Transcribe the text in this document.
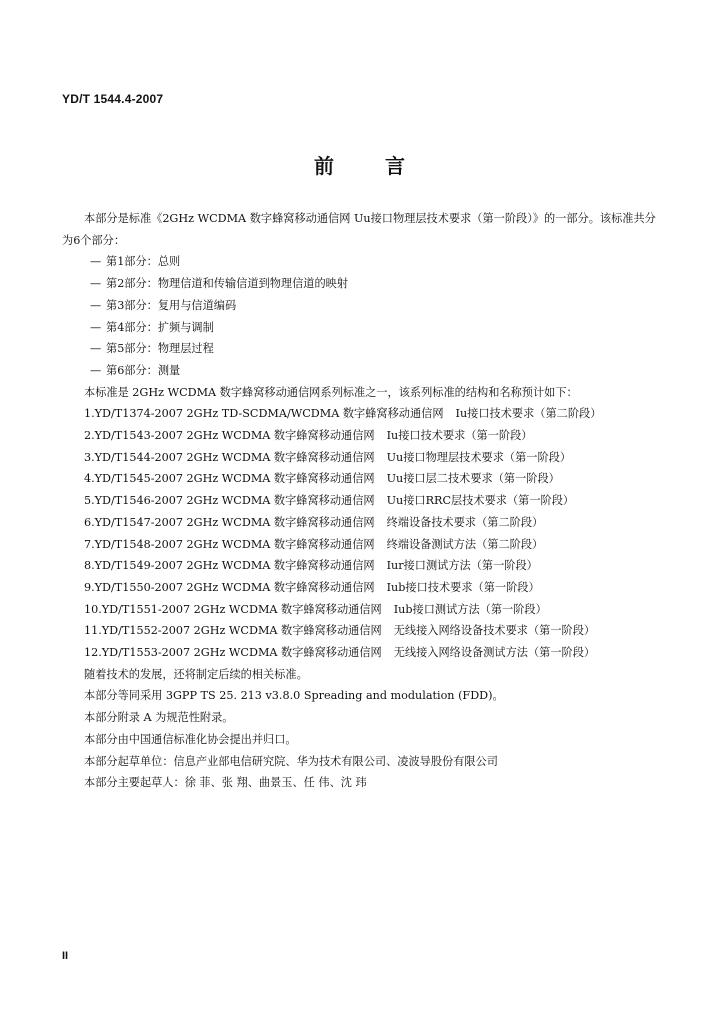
YD/T 1544.4-2007
前 言
本部分是标准《2GHz WCDMA 数字蜂窝移动通信网 Uu接口物理层技术要求（第一阶段）》的一部分。该标准共分为6个部分：
— 第1部分：总则
— 第2部分：物理信道和传输信道到物理信道的映射
— 第3部分：复用与信道编码
— 第4部分：扩频与调制
— 第5部分：物理层过程
— 第6部分：测量
本标准是 2GHz WCDMA 数字蜂窝移动通信网系列标准之一，该系列标准的结构和名称预计如下：
1.YD/T1374-2007 2GHz TD-SCDMA/WCDMA 数字蜂窝移动通信网 Iu接口技术要求（第二阶段）
2.YD/T1543-2007 2GHz WCDMA 数字蜂窝移动通信网 Iu接口技术要求（第一阶段）
3.YD/T1544-2007 2GHz WCDMA 数字蜂窝移动通信网 Uu接口物理层技术要求（第一阶段）
4.YD/T1545-2007 2GHz WCDMA 数字蜂窝移动通信网 Uu接口层二技术要求（第一阶段）
5.YD/T1546-2007 2GHz WCDMA 数字蜂窝移动通信网 Uu接口RRC层技术要求（第一阶段）
6.YD/T1547-2007 2GHz WCDMA 数字蜂窝移动通信网 终端设备技术要求（第二阶段）
7.YD/T1548-2007 2GHz WCDMA 数字蜂窝移动通信网 终端设备测试方法（第二阶段）
8.YD/T1549-2007 2GHz WCDMA 数字蜂窝移动通信网 Iur接口测试方法（第一阶段）
9.YD/T1550-2007 2GHz WCDMA 数字蜂窝移动通信网 Iub接口技术要求（第一阶段）
10.YD/T1551-2007 2GHz WCDMA 数字蜂窝移动通信网 Iub接口测试方法（第一阶段）
11.YD/T1552-2007 2GHz WCDMA 数字蜂窝移动通信网 无线接入网络设备技术要求（第一阶段）
12.YD/T1553-2007 2GHz WCDMA 数字蜂窝移动通信网 无线接入网络设备测试方法（第一阶段）
随着技术的发展，还将制定后续的相关标准。
本部分等同采用 3GPP TS 25. 213 v3.8.0 Spreading and modulation (FDD)。
本部分附录 A 为规范性附录。
本部分由中国通信标准化协会提出并归口。
本部分起草单位：信息产业部电信研究院、华为技术有限公司、凌波导股份有限公司
本部分主要起草人：徐 菲、张 翔、曲景玉、任 伟、沈 玮
II
